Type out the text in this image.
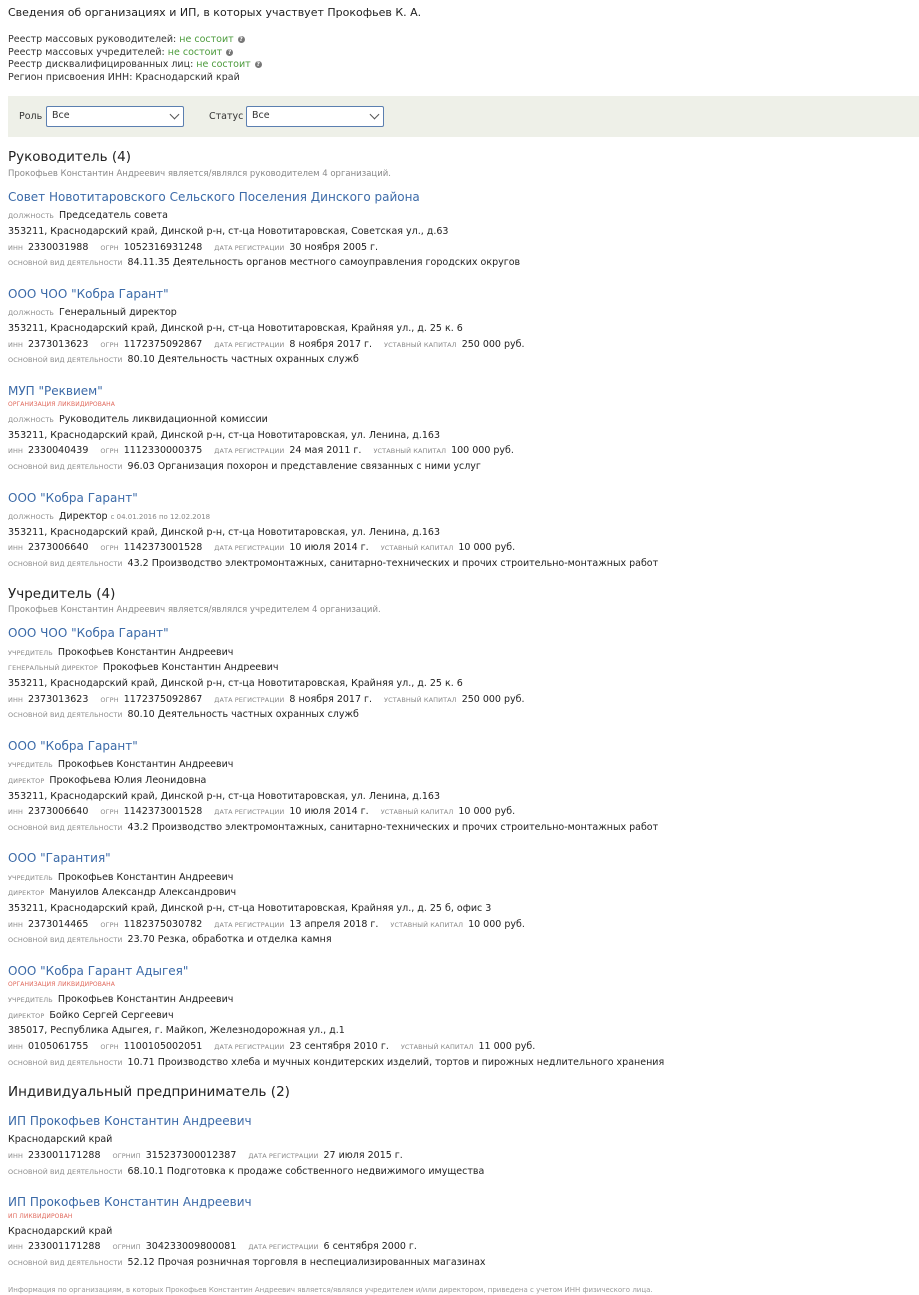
Сведения об организациях и ИП, в которых участвует Прокофьев К. А.
Реестр массовых руководителей: не состоит ?
Реестр массовых учредителей: не состоит ?
Реестр дисквалифицированных лиц: не состоит ?
Регион присвоения ИНН: Краснодарский край
Роль	Все	Статус Все
Руководитель (4)
Прокофьев Константин Андреевич является/являлся руководителем 4 организаций.
Совет Новотитаровского Сельского Поселения Динского района
ДОЛЖНОСТЬ Председатель совета
353211, Краснодарский край, Динской р-н, ст-ца Новотитаровская, Советская ул., д.63
ИНН 2330031988 ОГРН 1052316931248 ДАТА РЕГИСТРАЦИИ 30 ноября 2005 г.
ОСНОВНОЙ ВИД ДЕЯТЕЛЬНОСТИ 84.11.35 Деятельность органов местного самоуправления городских округов
ООО ЧОО "Кобра Гарант"
ДОЛЖНОСТЬ Генеральный директор
353211, Краснодарский край, Динской р-н, ст-ца Новотитаровская, Крайняя ул., д. 25 к. 6
ИНН 2373013623 ОГРН 1172375092867 ДАТА РЕГИСТРАЦИИ 8 ноября 2017 г. УСТАВНЫЙ КАПИТАЛ 250 000 руб.
ОСНОВНОЙ ВИД ДЕЯТЕЛЬНОСТИ 80.10 Деятельность частных охранных служб
МУП "Реквием"
ОРГАНИЗАЦИЯ ЛИКВИДИРОВАНА
ДОЛЖНОСТЬ Руководитель ликвидационной комиссии
353211, Краснодарский край, Динской р-н, ст-ца Новотитаровская, ул. Ленина, д.163
ИНН 2330040439 ОГРН 1112330000375 ДАТА РЕГИСТРАЦИИ 24 мая 2011 г. УСТАВНЫЙ КАПИТАЛ 100 000 руб.
ОСНОВНОЙ ВИД ДЕЯТЕЛЬНОСТИ 96.03 Организация похорон и представление связанных с ними услуг
ООО "Кобра Гарант"
ДОЛЖНОСТЬ Директор с 04.01.2016 по 12.02.2018
353211, Краснодарский край, Динской р-н, ст-ца Новотитаровская, ул. Ленина, д.163
ИНН 2373006640 ОГРН 1142373001528 ДАТА РЕГИСТРАЦИИ 10 июля 2014 г. УСТАВНЫЙ КАПИТАЛ 10 000 руб.
ОСНОВНОЙ ВИД ДЕЯТЕЛЬНОСТИ 43.2 Производство электромонтажных, санитарно-технических и прочих строительно-монтажных работ
Учредитель (4)
Прокофьев Константин Андреевич является/являлся учредителем 4 организаций.
ООО ЧОО "Кобра Гарант"
УЧРЕДИТЕЛЬ Прокофьев Константин Андреевич
ГЕНЕРАЛЬНЫЙ ДИРЕКТОР Прокофьев Константин Андреевич
353211, Краснодарский край, Динской р-н, ст-ца Новотитаровская, Крайняя ул., д. 25 к. 6
ИНН 2373013623 ОГРН 1172375092867 ДАТА РЕГИСТРАЦИИ 8 ноября 2017 г. УСТАВНЫЙ КАПИТАЛ 250 000 руб.
ОСНОВНОЙ ВИД ДЕЯТЕЛЬНОСТИ 80.10 Деятельность частных охранных служб
ООО "Кобра Гарант"
УЧРЕДИТЕЛЬ Прокофьев Константин Андреевич
ДИРЕКТОР Прокофьева Юлия Леонидовна
353211, Краснодарский край, Динской р-н, ст-ца Новотитаровская, ул. Ленина, д.163
ИНН 2373006640 ОГРН 1142373001528 ДАТА РЕГИСТРАЦИИ 10 июля 2014 г. УСТАВНЫЙ КАПИТАЛ 10 000 руб.
ОСНОВНОЙ ВИД ДЕЯТЕЛЬНОСТИ 43.2 Производство электромонтажных, санитарно-технических и прочих строительно-монтажных работ
ООО "Гарантия"
УЧРЕДИТЕЛЬ Прокофьев Константин Андреевич
ДИРЕКТОР Мануилов Александр Александрович
353211, Краснодарский край, Динской р-н, ст-ца Новотитаровская, Крайняя ул., д. 25 б, офис 3
ИНН 2373014465 ОГРН 1182375030782 ДАТА РЕГИСТРАЦИИ 13 апреля 2018 г. УСТАВНЫЙ КАПИТАЛ 10 000 руб.
ОСНОВНОЙ ВИД ДЕЯТЕЛЬНОСТИ 23.70 Резка, обработка и отделка камня
ООО "Кобра Гарант Адыгея"
ОРГАНИЗАЦИЯ ЛИКВИДИРОВАНА
УЧРЕДИТЕЛЬ Прокофьев Константин Андреевич
ДИРЕКТОР Бойко Сергей Сергеевич
385017, Республика Адыгея, г. Майкоп, Железнодорожная ул., д.1
ИНН 0105061755 ОГРН 1100105002051 ДАТА РЕГИСТРАЦИИ 23 сентября 2010 г. УСТАВНЫЙ КАПИТАЛ 11 000 руб.
ОСНОВНОЙ ВИД ДЕЯТЕЛЬНОСТИ 10.71 Производство хлеба и мучных кондитерских изделий, тортов и пирожных недлительного хранения
Индивидуальный предприниматель (2)
ИП Прокофьев Константин Андреевич
Краснодарский край
ИНН 233001171288 ОГРНИП 315237300012387 ДАТА РЕГИСТРАЦИИ 27 июля 2015 г.
ОСНОВНОЙ ВИД ДЕЯТЕЛЬНОСТИ 68.10.1 Подготовка к продаже собственного недвижимого имущества
ИП Прокофьев Константин Андреевич
ИП ЛИКВИДИРОВАН
Краснодарский край
ИНН 233001171288 ОГРНИП 304233009800081 ДАТА РЕГИСТРАЦИИ 6 сентября 2000 г.
ОСНОВНОЙ ВИД ДЕЯТЕЛЬНОСТИ 52.12 Прочая розничная торговля в неспециализированных магазинах
Информация по организациям, в которых Прокофьев Константин Андреевич является/являлся учредителем и/или директором, приведена с учетом ИНН физического лица.
